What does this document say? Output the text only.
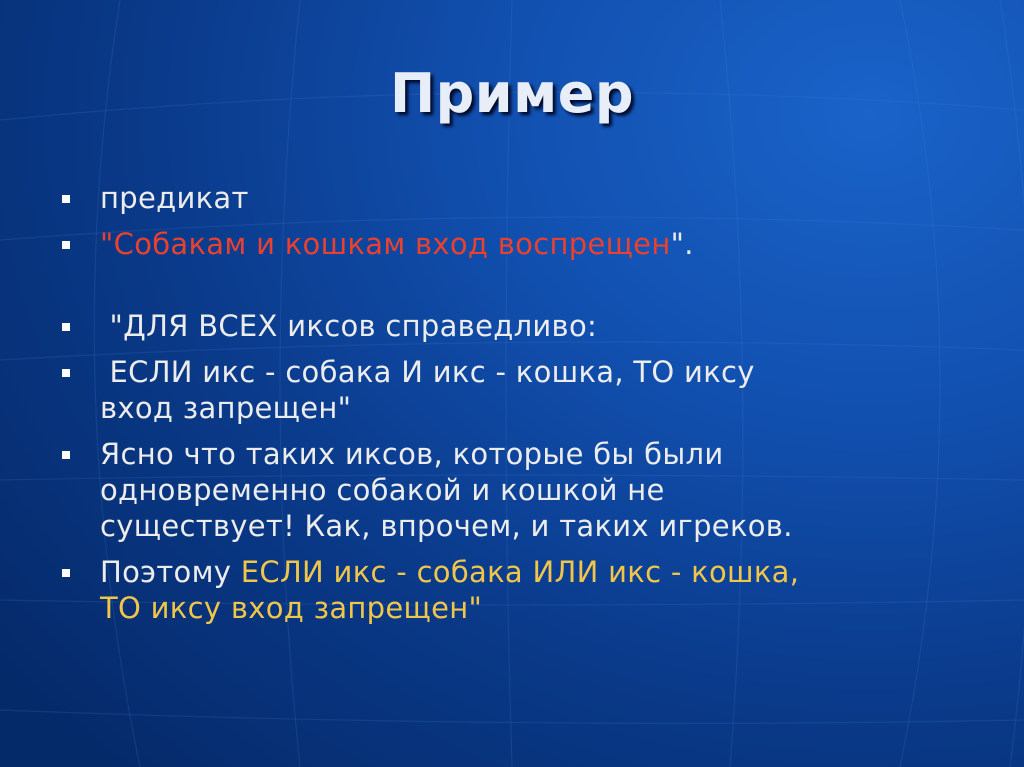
Пример
предикат
"Собакам и кошкам вход воспрещен".
"ДЛЯ ВСЕХ иксов справедливо:
ЕСЛИ икс - собака И икс - кошка, ТО иксу
вход запрещен"
Ясно что таких иксов, которые бы были
одновременно собакой и кошкой не
существует! Как, впрочем, и таких игреков.
Поэтому ЕСЛИ икс - собака ИЛИ икс - кошка,
ТО иксу вход запрещен"
